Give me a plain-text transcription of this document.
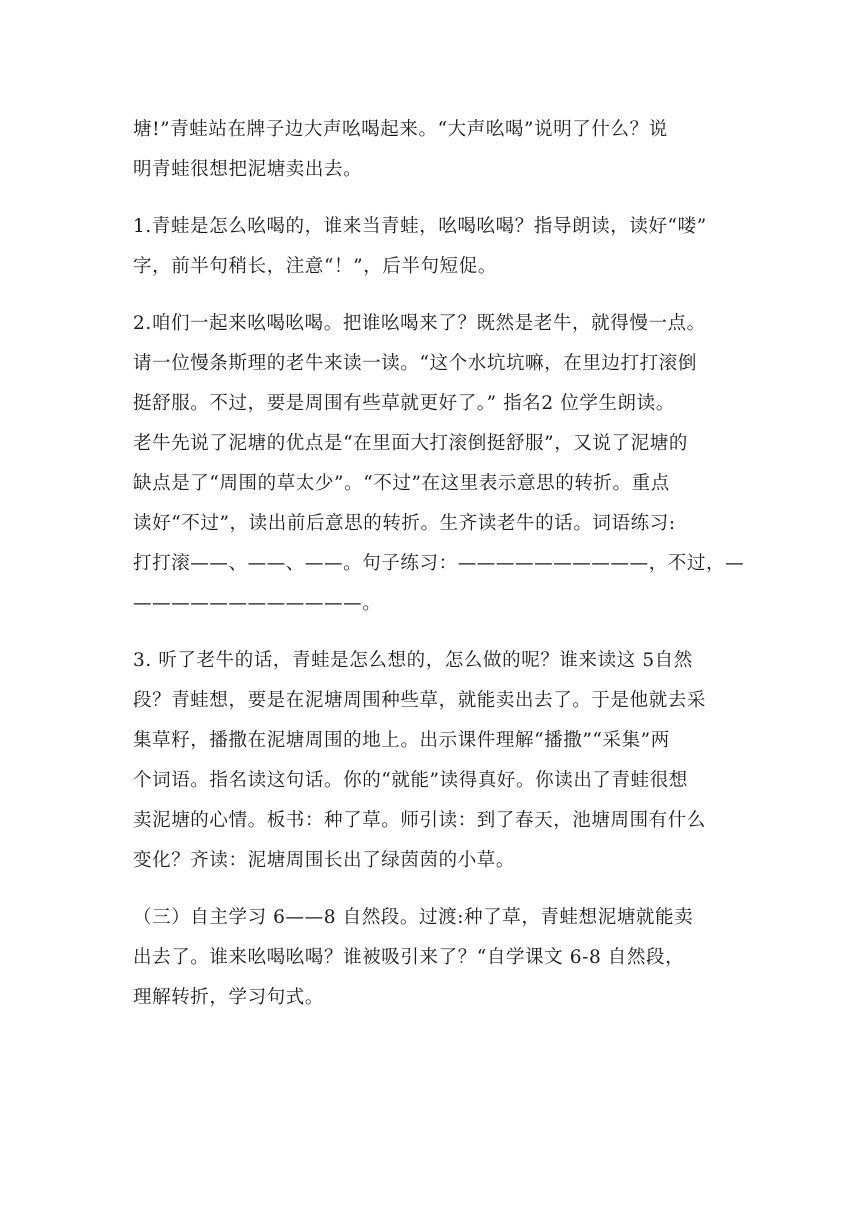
塘!”青蛙站在牌子边大声吆喝起来。“大声吆喝”说明了什么？说
明青蛙很想把泥塘卖出去。
1.青蛙是怎么吆喝的，谁来当青蛙，吆喝吆喝？指导朗读，读好“喽”
字，前半句稍长，注意“！”，后半句短促。
2.咱们一起来吆喝吆喝。把谁吆喝来了？既然是老牛，就得慢一点。
请一位慢条斯理的老牛来读一读。“这个水坑坑嘛，在里边打打滚倒
挺舒服。不过，要是周围有些草就更好了。” 指名2 位学生朗读。
老牛先说了泥塘的优点是“在里面大打滚倒挺舒服”，又说了泥塘的
缺点是了“周围的草太少”。“不过”在这里表示意思的转折。重点
读好“不过”，读出前后意思的转折。生齐读老牛的话。词语练习:
打打滚——、——、——。句子练习：——————————，不过，—
————————————。
3. 听了老牛的话，青蛙是怎么想的，怎么做的呢？谁来读这 5自然
段？青蛙想，要是在泥塘周围种些草，就能卖出去了。于是他就去采
集草籽，播撒在泥塘周围的地上。出示课件理解“播撒”“采集”两
个词语。指名读这句话。你的“就能”读得真好。你读出了青蛙很想
卖泥塘的心情。板书：种了草。师引读：到了春天，池塘周围有什么
变化？齐读：泥塘周围长出了绿茵茵的小草。
（三）自主学习 6——8 自然段。过渡:种了草，青蛙想泥塘就能卖
出去了。谁来吆喝吆喝？谁被吸引来了？“自学课文 6-8 自然段，
理解转折，学习句式。
